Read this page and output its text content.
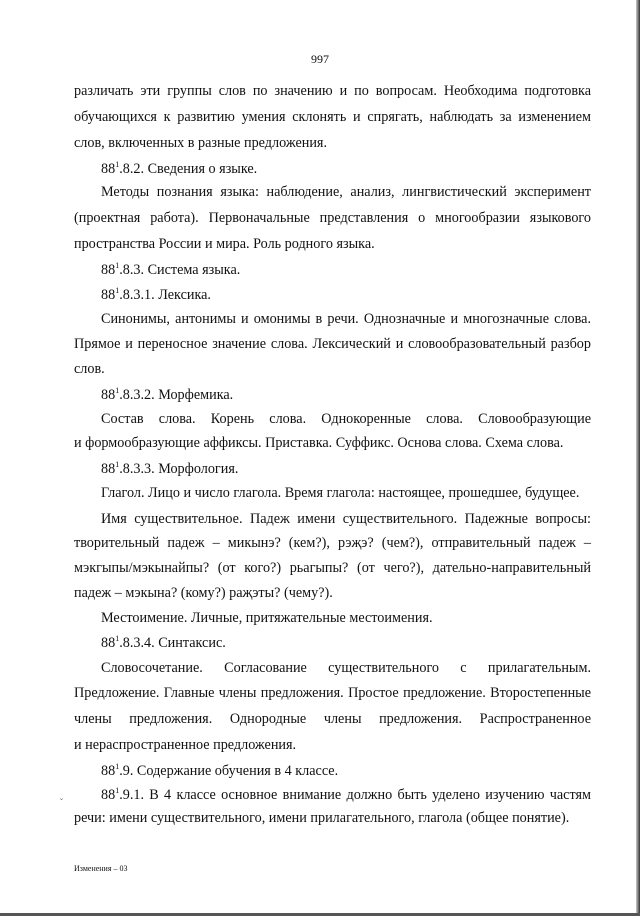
997
различать эти группы слов по значению и по вопросам. Необходима подготовка
обучающихся к развитию умения склонять и спрягать, наблюдать за изменением
слов, включенных в разные предложения.
$88^1.8.2$. Сведения о языке.
Методы познания языка: наблюдение, анализ, лингвистический эксперимент
(проектная работа). Первоначальные представления о многообразии языкового
пространства России и мира. Роль родного языка.
$88^1.8.3$. Система языка.
$88^1.8.3.1$. Лексика.
Синонимы, антонимы и омонимы в речи. Однозначные и многозначные слова.
Прямое и переносное значение слова. Лексический и словообразовательный разбор
слов.
$88^1.8.3.2$. Морфемика.
Состав слова. Корень слова. Однокоренные слова. Словообразующие
и формообразующие аффиксы. Приставка. Суффикс. Основа слова. Схема слова.
$88^1.8.3.3$. Морфология.
Глагол. Лицо и число глагола. Время глагола: настоящее, прошедшее, будущее.
Имя существительное. Падеж имени существительного. Падежные вопросы:
творительный падеж – микынэ? (кем?), рэҗэ? (чем?), отправительный падеж –
мэкгыпы/мэкынайпы? (от кого?) рьагыпы? (от чего?), дательно-направительный
падеж – мэкына? (кому?) раҗэты? (чему?).
Местоимение. Личные, притяжательные местоимения.
$88^1.8.3.4$. Синтаксис.
Словосочетание. Согласование существительного с прилагательным.
Предложение. Главные члены предложения. Простое предложение. Второстепенные
члены предложения. Однородные члены предложения. Распространенное
и нераспространенное предложения.
$88^1.9$. Содержание обучения в 4 классе.
$88^1.9.1$. В 4 классе основное внимание должно быть уделено изучению частям
речи: имени существительного, имени прилагательного, глагола (общее понятие).
˘
Изменения – 03
